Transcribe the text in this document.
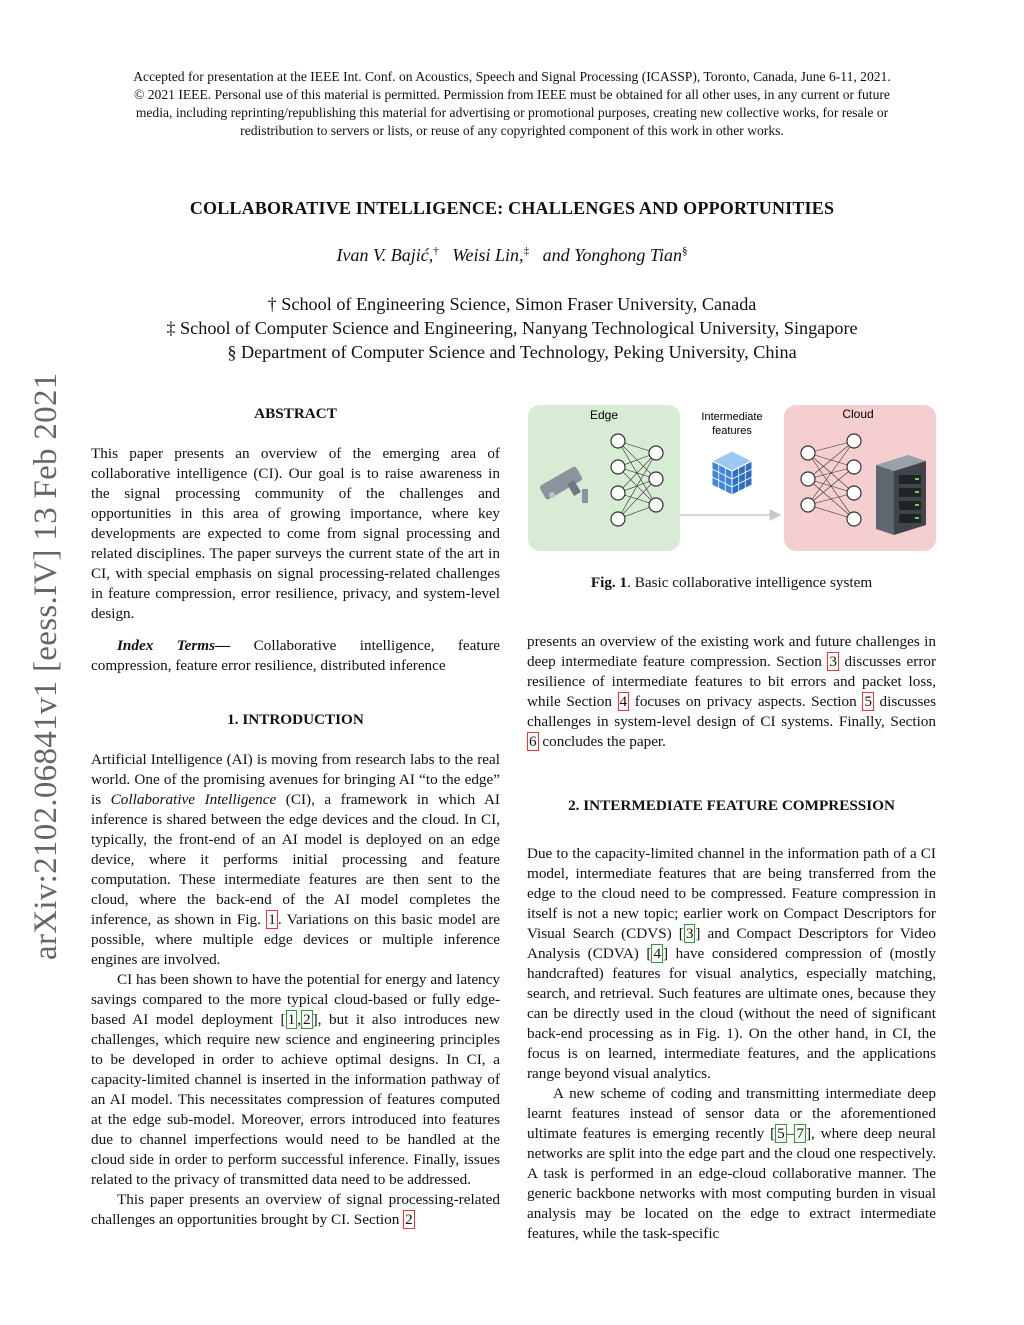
Accepted for presentation at the IEEE Int. Conf. on Acoustics, Speech and Signal Processing (ICASSP), Toronto, Canada, June 6-11, 2021.
© 2021 IEEE. Personal use of this material is permitted. Permission from IEEE must be obtained for all other uses, in any current or future
media, including reprinting/republishing this material for advertising or promotional purposes, creating new collective works, for resale or
redistribution to servers or lists, or reuse of any copyrighted component of this work in other works.
arXiv:2102.06841v1 [eess.IV] 13 Feb 2021
COLLABORATIVE INTELLIGENCE: CHALLENGES AND OPPORTUNITIES
Ivan V. Bajić,† Weisi Lin,‡ and Yonghong Tian§
† School of Engineering Science, Simon Fraser University, Canada
‡ School of Computer Science and Engineering, Nanyang Technological University, Singapore
§ Department of Computer Science and Technology, Peking University, China

ABSTRACT

This paper presents an overview of the emerging area of collaborative intelligence (CI). Our goal is to raise awareness in the signal processing community of the challenges and opportunities in this area of growing importance, where key developments are expected to come from signal processing and related disciplines. The paper surveys the current state of the art in CI, with special emphasis on signal processing-related challenges in feature compression, error resilience, privacy, and system-level design.

Index Terms— Collaborative intelligence, feature compression, feature error resilience, distributed inference

1. INTRODUCTION

Artificial Intelligence (AI) is moving from research labs to the real world. One of the promising avenues for bringing AI “to the edge” is Collaborative Intelligence (CI), a framework in which AI inference is shared between the edge devices and the cloud. In CI, typically, the front-end of an AI model is deployed on an edge device, where it performs initial processing and feature computation. These intermediate features are then sent to the cloud, where the back-end of the AI model completes the inference, as shown in Fig. 1 . Variations on this basic model are possible, where multiple edge devices or multiple inference engines are involved.

CI has been shown to have the potential for energy and latency savings compared to the more typical cloud-based or fully edge-based AI model deployment [ 1 , 2 ], but it also introduces new challenges, which require new science and engineering principles to be developed in order to achieve optimal designs. In CI, a capacity-limited channel is inserted in the information pathway of an AI model. This necessitates compression of features computed at the edge sub-model. Moreover, errors introduced into features due to channel imperfections would need to be handled at the cloud side in order to perform successful inference. Finally, issues related to the privacy of transmitted data need to be addressed.

This paper presents an overview of signal processing-related challenges an opportunities brought by CI. Section 2

Edge	Intermediate
features
Cloud
Fig. 1. Basic collaborative intelligence system

presents an overview of the existing work and future challenges in deep intermediate feature compression. Section 3 discusses error resilience of intermediate features to bit errors and packet loss, while Section 4 focuses on privacy aspects. Section 5 discusses challenges in system-level design of CI systems. Finally, Section 6 concludes the paper.

2. INTERMEDIATE FEATURE COMPRESSION

Due to the capacity-limited channel in the information path of a CI model, intermediate features that are being transferred from the edge to the cloud need to be compressed. Feature compression in itself is not a new topic; earlier work on Compact Descriptors for Visual Search (CDVS) [ 3 ] and Compact Descriptors for Video Analysis (CDVA) [ 4 ] have considered compression of (mostly handcrafted) features for visual analytics, especially matching, search, and retrieval. Such features are ultimate ones, because they can be directly used in the cloud (without the need of significant back-end processing as in Fig. 1). On the other hand, in CI, the focus is on learned, intermediate features, and the applications range beyond visual analytics.

A new scheme of coding and transmitting intermediate deep learnt features instead of sensor data or the aforementioned ultimate features is emerging recently [ 5 – 7 ], where deep neural networks are split into the edge part and the cloud one respectively. A task is performed in an edge-cloud collaborative manner. The generic backbone networks with most computing burden in visual analysis may be located on the edge to extract intermediate features, while the task-specific
